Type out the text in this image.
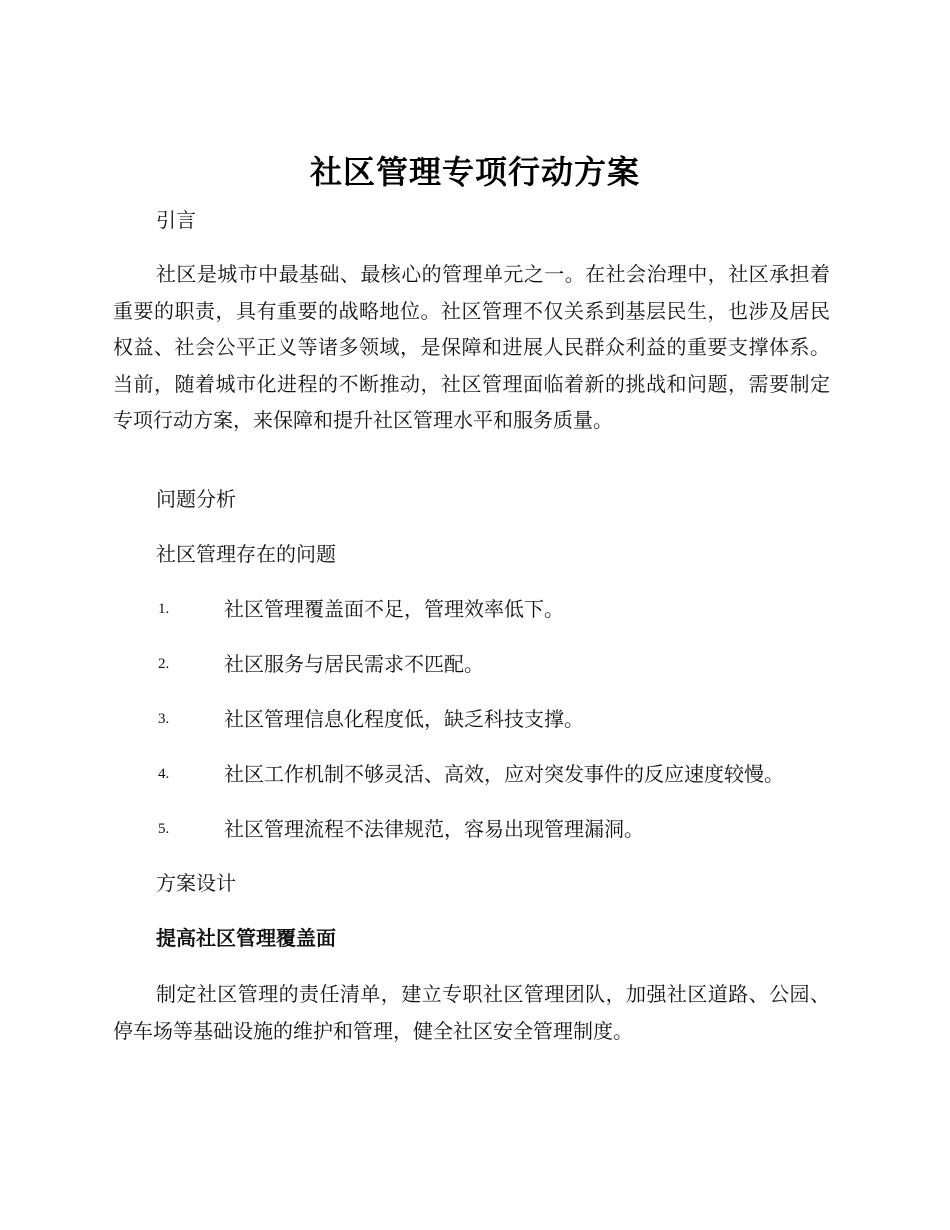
社区管理专项行动方案
引言

社区是城市中最基础、最核心的管理单元之一。在社会治理中，社区承担着重要的职责，具有重要的战略地位。社区管理不仅关系到基层民生，也涉及居民权益、社会公平正义等诸多领域，是保障和进展人民群众利益的重要支撑体系。当前，随着城市化进程的不断推动，社区管理面临着新的挑战和问题，需要制定专项行动方案，来保障和提升社区管理水平和服务质量。

问题分析
社区管理存在的问题
1.	社区管理覆盖面不足，管理效率低下。
2.	社区服务与居民需求不匹配。
3.	社区管理信息化程度低，缺乏科技支撑。
4.	社区工作机制不够灵活、高效，应对突发事件的反应速度较慢。
5.	社区管理流程不法律规范，容易出现管理漏洞。
方案设计
提高社区管理覆盖面

制定社区管理的责任清单，建立专职社区管理团队，加强社区道路、公园、停车场等基础设施的维护和管理，健全社区安全管理制度。
